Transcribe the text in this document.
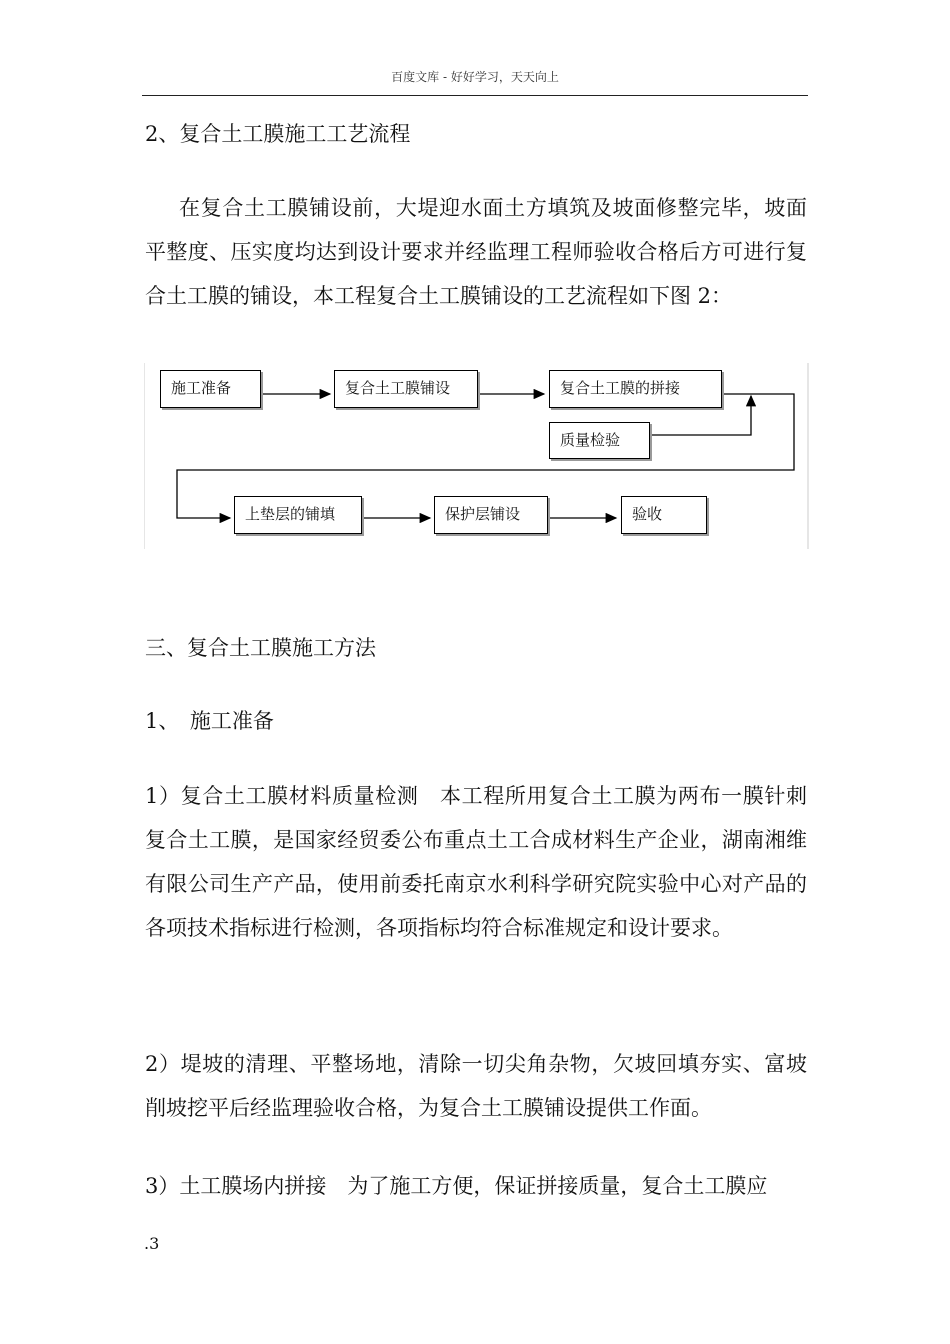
百度文库 - 好好学习，天天向上

2、复合土工膜施工工艺流程

在复合土工膜铺设前，大堤迎水面土方填筑及坡面修整完毕，坡面平整度、压实度均达到设计要求并经监理工程师验收合格后方可进行复合土工膜的铺设，本工程复合土工膜铺设的工艺流程如下图 2：

施工准备	复合土工膜铺设	复合土工膜的拼接
质量检验
上垫层的铺填	保护层铺设	验收

三、复合土工膜施工方法

1、　施工准备

1）复合土工膜材料质量检测　本工程所用复合土工膜为两布一膜针刺复合土工膜，是国家经贸委公布重点土工合成材料生产企业，湖南湘维有限公司生产产品，使用前委托南京水利科学研究院实验中心对产品的各项技术指标进行检测，各项指标均符合标准规定和设计要求。

2）堤坡的清理、平整场地，清除一切尖角杂物，欠坡回填夯实、富坡削坡挖平后经监理验收合格，为复合土工膜铺设提供工作面。

3）土工膜场内拼接　为了施工方便，保证拼接质量，复合土工膜应

.3
